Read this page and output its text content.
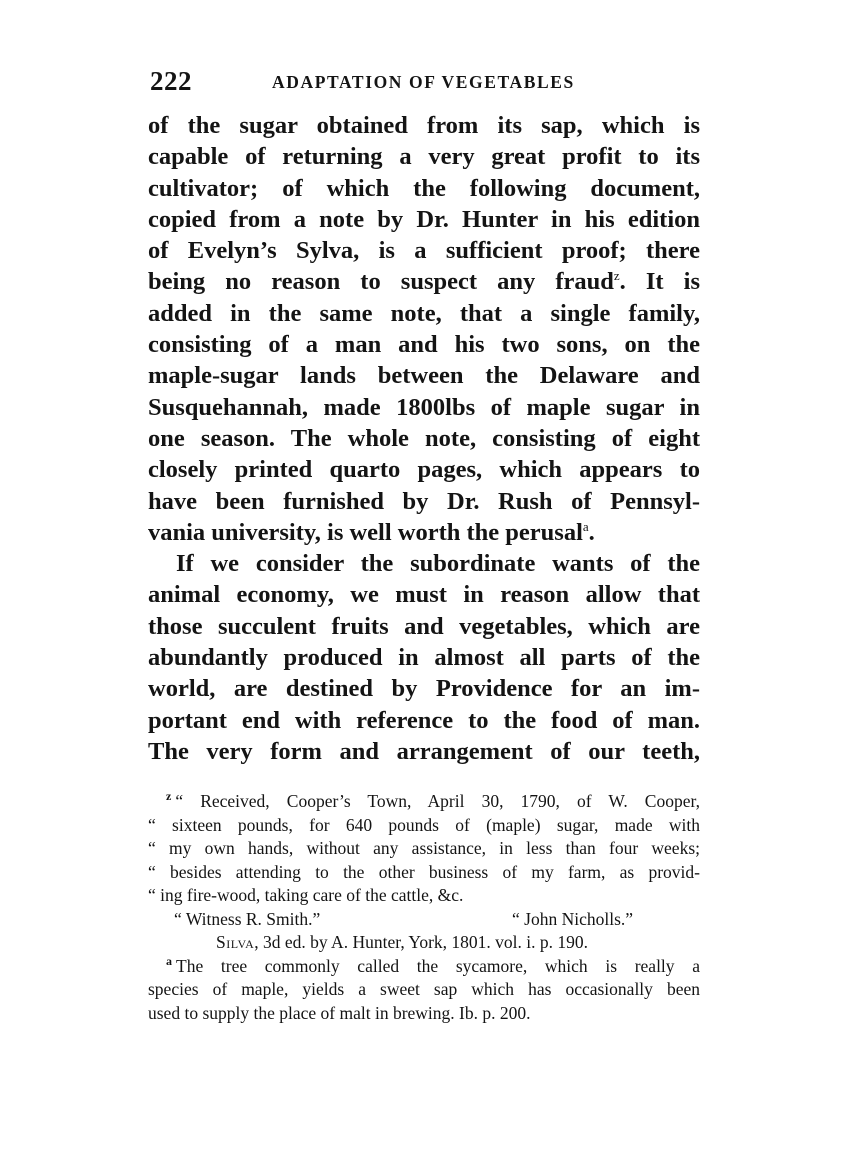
222	ADAPTATION OF VEGETABLES
of the sugar obtained from its sap, which is
capable of returning a very great profit to its
cultivator; of which the following document,
copied from a note by Dr. Hunter in his edition
of Evelyn’s Sylva, is a sufficient proof; there
being no reason to suspect any fraud$^z$. It is
added in the same note, that a single family,
consisting of a man and his two sons, on the
maple-sugar lands between the Delaware and
Susquehannah, made 1800lbs of maple sugar in
one season. The whole note, consisting of eight
closely printed quarto pages, which appears to
have been furnished by Dr. Rush of Pennsyl-
vania university, is well worth the perusal$^a$.
If we consider the subordinate wants of the
animal economy, we must in reason allow that
those succulent fruits and vegetables, which are
abundantly produced in almost all parts of the
world, are destined by Providence for an im-
portant end with reference to the food of man.
The very form and arrangement of our teeth,
$^z$ “ Received, Cooper’s Town, April 30, 1790, of W. Cooper,
“ sixteen pounds, for 640 pounds of (maple) sugar, made with
“ my own hands, without any assistance, in less than four weeks;
“ besides attending to the other business of my farm, as provid-
“ ing fire-wood, taking care of the cattle, &c.
“ Witness R. Smith.”	“ John Nicholls.”
Silva, 3d ed. by A. Hunter, York, 1801. vol. i. p. 190.
$^a$ The tree commonly called the sycamore, which is really a
species of maple, yields a sweet sap which has occasionally been
used to supply the place of malt in brewing. Ib. p. 200.
